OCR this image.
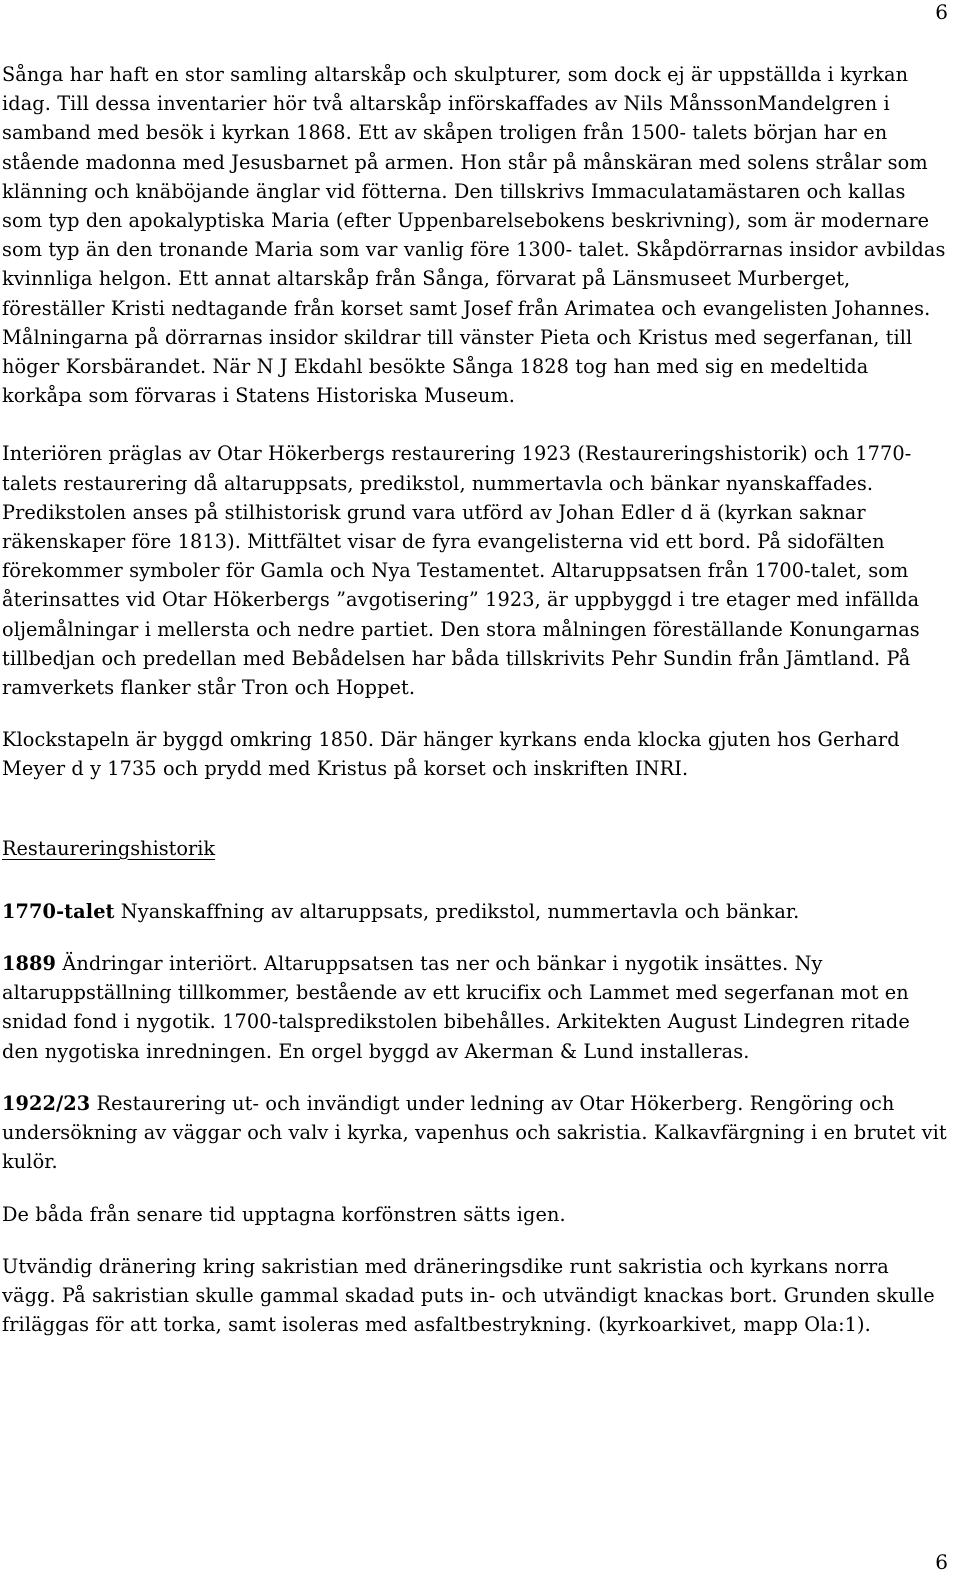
6

Sånga har haft en stor samling altarskåp och skulpturer, som dock ej är uppställda i kyrkan idag. Till dessa inventarier hör två altarskåp införskaffades av Nils MånssonMandelgren i samband med besök i kyrkan 1868. Ett av skåpen troligen från 1500- talets början har en stående madonna med Jesusbarnet på armen. Hon står på månskäran med solens strålar som klänning och knäböjande änglar vid fötterna. Den tillskrivs Immaculatamästaren och kallas som typ den apokalyptiska Maria (efter Uppenbarelsebokens beskrivning), som är modernare som typ än den tronande Maria som var vanlig före 1300- talet. Skåpdörrarnas insidor avbildas kvinnliga helgon. Ett annat altarskåp från Sånga, förvarat på Länsmuseet Murberget, föreställer Kristi nedtagande från korset samt Josef från Arimatea och evangelisten Johannes. Målningarna på dörrarnas insidor skildrar till vänster Pieta och Kristus med segerfanan, till höger Korsbärandet. När N J Ekdahl besökte Sånga 1828 tog han med sig en medeltida korkåpa som förvaras i Statens Historiska Museum.

Interiören präglas av Otar Hökerbergs restaurering 1923 (Restaureringshistorik) och 1770-talets restaurering då altaruppsats, predikstol, nummertavla och bänkar nyanskaffades. Predikstolen anses på stilhistorisk grund vara utförd av Johan Edler d ä (kyrkan saknar räkenskaper före 1813). Mittfältet visar de fyra evangelisterna vid ett bord. På sidofälten förekommer symboler för Gamla och Nya Testamentet. Altaruppsatsen från 1700-talet, som återinsattes vid Otar Hökerbergs ”avgotisering” 1923, är uppbyggd i tre etager med infällda oljemålningar i mellersta och nedre partiet. Den stora målningen föreställande Konungarnas tillbedjan och predellan med Bebådelsen har båda tillskrivits Pehr Sundin från Jämtland. På ramverkets flanker står Tron och Hoppet.

Klockstapeln är byggd omkring 1850. Där hänger kyrkans enda klocka gjuten hos Gerhard Meyer d y 1735 och prydd med Kristus på korset och inskriften INRI.

Restaureringshistorik

1770-talet Nyanskaffning av altaruppsats, predikstol, nummertavla och bänkar.

1889 Ändringar interiört. Altaruppsatsen tas ner och bänkar i nygotik insättes. Ny altaruppställning tillkommer, bestående av ett krucifix och Lammet med segerfanan mot en snidad fond i nygotik. 1700-talspredikstolen bibehålles. Arkitekten August Lindegren ritade den nygotiska inredningen. En orgel byggd av Akerman & Lund installeras.

1922/23 Restaurering ut- och invändigt under ledning av Otar Hökerberg. Rengöring och undersökning av väggar och valv i kyrka, vapenhus och sakristia. Kalkavfärgning i en brutet vit kulör.

De båda från senare tid upptagna korfönstren sätts igen.

Utvändig dränering kring sakristian med dräneringsdike runt sakristia och kyrkans norra vägg. På sakristian skulle gammal skadad puts in- och utvändigt knackas bort. Grunden skulle friläggas för att torka, samt isoleras med asfaltbestrykning. (kyrkoarkivet, mapp Ola:1).

6
